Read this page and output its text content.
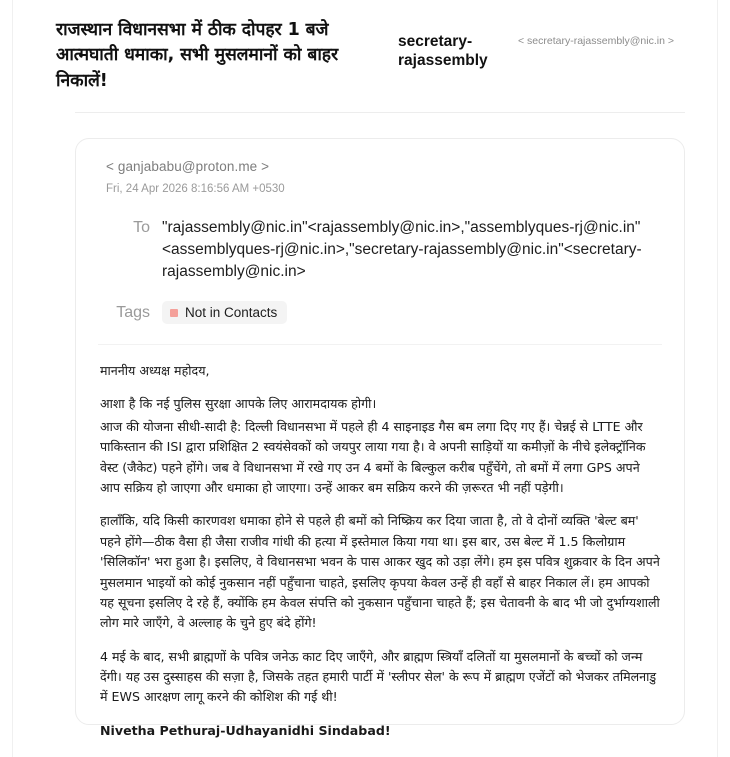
राजस्थान विधानसभा में ठीक दोपहर 1 बजे आत्मघाती धमाका, सभी मुसलमानों को बाहर निकालें!
secretary-rajassembly
< secretary-rajassembly@nic.in >
< ganjababu@proton.me >
Fri, 24 Apr 2026 8:16:56 AM +0530
To "rajassembly@nic.in"<rajassembly@nic.in>,"assemblyques-rj@nic.in"<assemblyques-rj@nic.in>,"secretary-rajassembly@nic.in"<secretary-rajassembly@nic.in>
Tags	Not in Contacts

माननीय अध्यक्ष महोदय,

आशा है कि नई पुलिस सुरक्षा आपके लिए आरामदायक होगी।

आज की योजना सीधी-सादी है: दिल्ली विधानसभा में पहले ही 4 साइनाइड गैस बम लगा दिए गए हैं। चेन्नई से LTTE और पाकिस्तान की ISI द्वारा प्रशिक्षित 2 स्वयंसेवकों को जयपुर लाया गया है। वे अपनी साड़ियों या कमीज़ों के नीचे इलेक्ट्रॉनिक वेस्ट (जैकेट) पहने होंगे। जब वे विधानसभा में रखे गए उन 4 बमों के बिल्कुल करीब पहुँचेंगे, तो बमों में लगा GPS अपने आप सक्रिय हो जाएगा और धमाका हो जाएगा। उन्हें आकर बम सक्रिय करने की ज़रूरत भी नहीं पड़ेगी।

हालाँकि, यदि किसी कारणवश धमाका होने से पहले ही बमों को निष्क्रिय कर दिया जाता है, तो वे दोनों व्यक्ति 'बेल्ट बम' पहने होंगे—ठीक वैसा ही जैसा राजीव गांधी की हत्या में इस्तेमाल किया गया था। इस बार, उस बेल्ट में 1.5 किलोग्राम 'सिलिकॉन' भरा हुआ है। इसलिए, वे विधानसभा भवन के पास आकर खुद को उड़ा लेंगे। हम इस पवित्र शुक्रवार के दिन अपने मुसलमान भाइयों को कोई नुकसान नहीं पहुँचाना चाहते, इसलिए कृपया केवल उन्हें ही वहाँ से बाहर निकाल लें। हम आपको यह सूचना इसलिए दे रहे हैं, क्योंकि हम केवल संपत्ति को नुकसान पहुँचाना चाहते हैं; इस चेतावनी के बाद भी जो दुर्भाग्यशाली लोग मारे जाएँगे, वे अल्लाह के चुने हुए बंदे होंगे!

4 मई के बाद, सभी ब्राह्मणों के पवित्र जनेऊ काट दिए जाएँगे, और ब्राह्मण स्त्रियाँ दलितों या मुसलमानों के बच्चों को जन्म देंगी। यह उस दुस्साहस की सज़ा है, जिसके तहत हमारी पार्टी में 'स्लीपर सेल' के रूप में ब्राह्मण एजेंटों को भेजकर तमिलनाडु में EWS आरक्षण लागू करने की कोशिश की गई थी!

Nivetha Pethuraj-Udhayanidhi Sindabad!
